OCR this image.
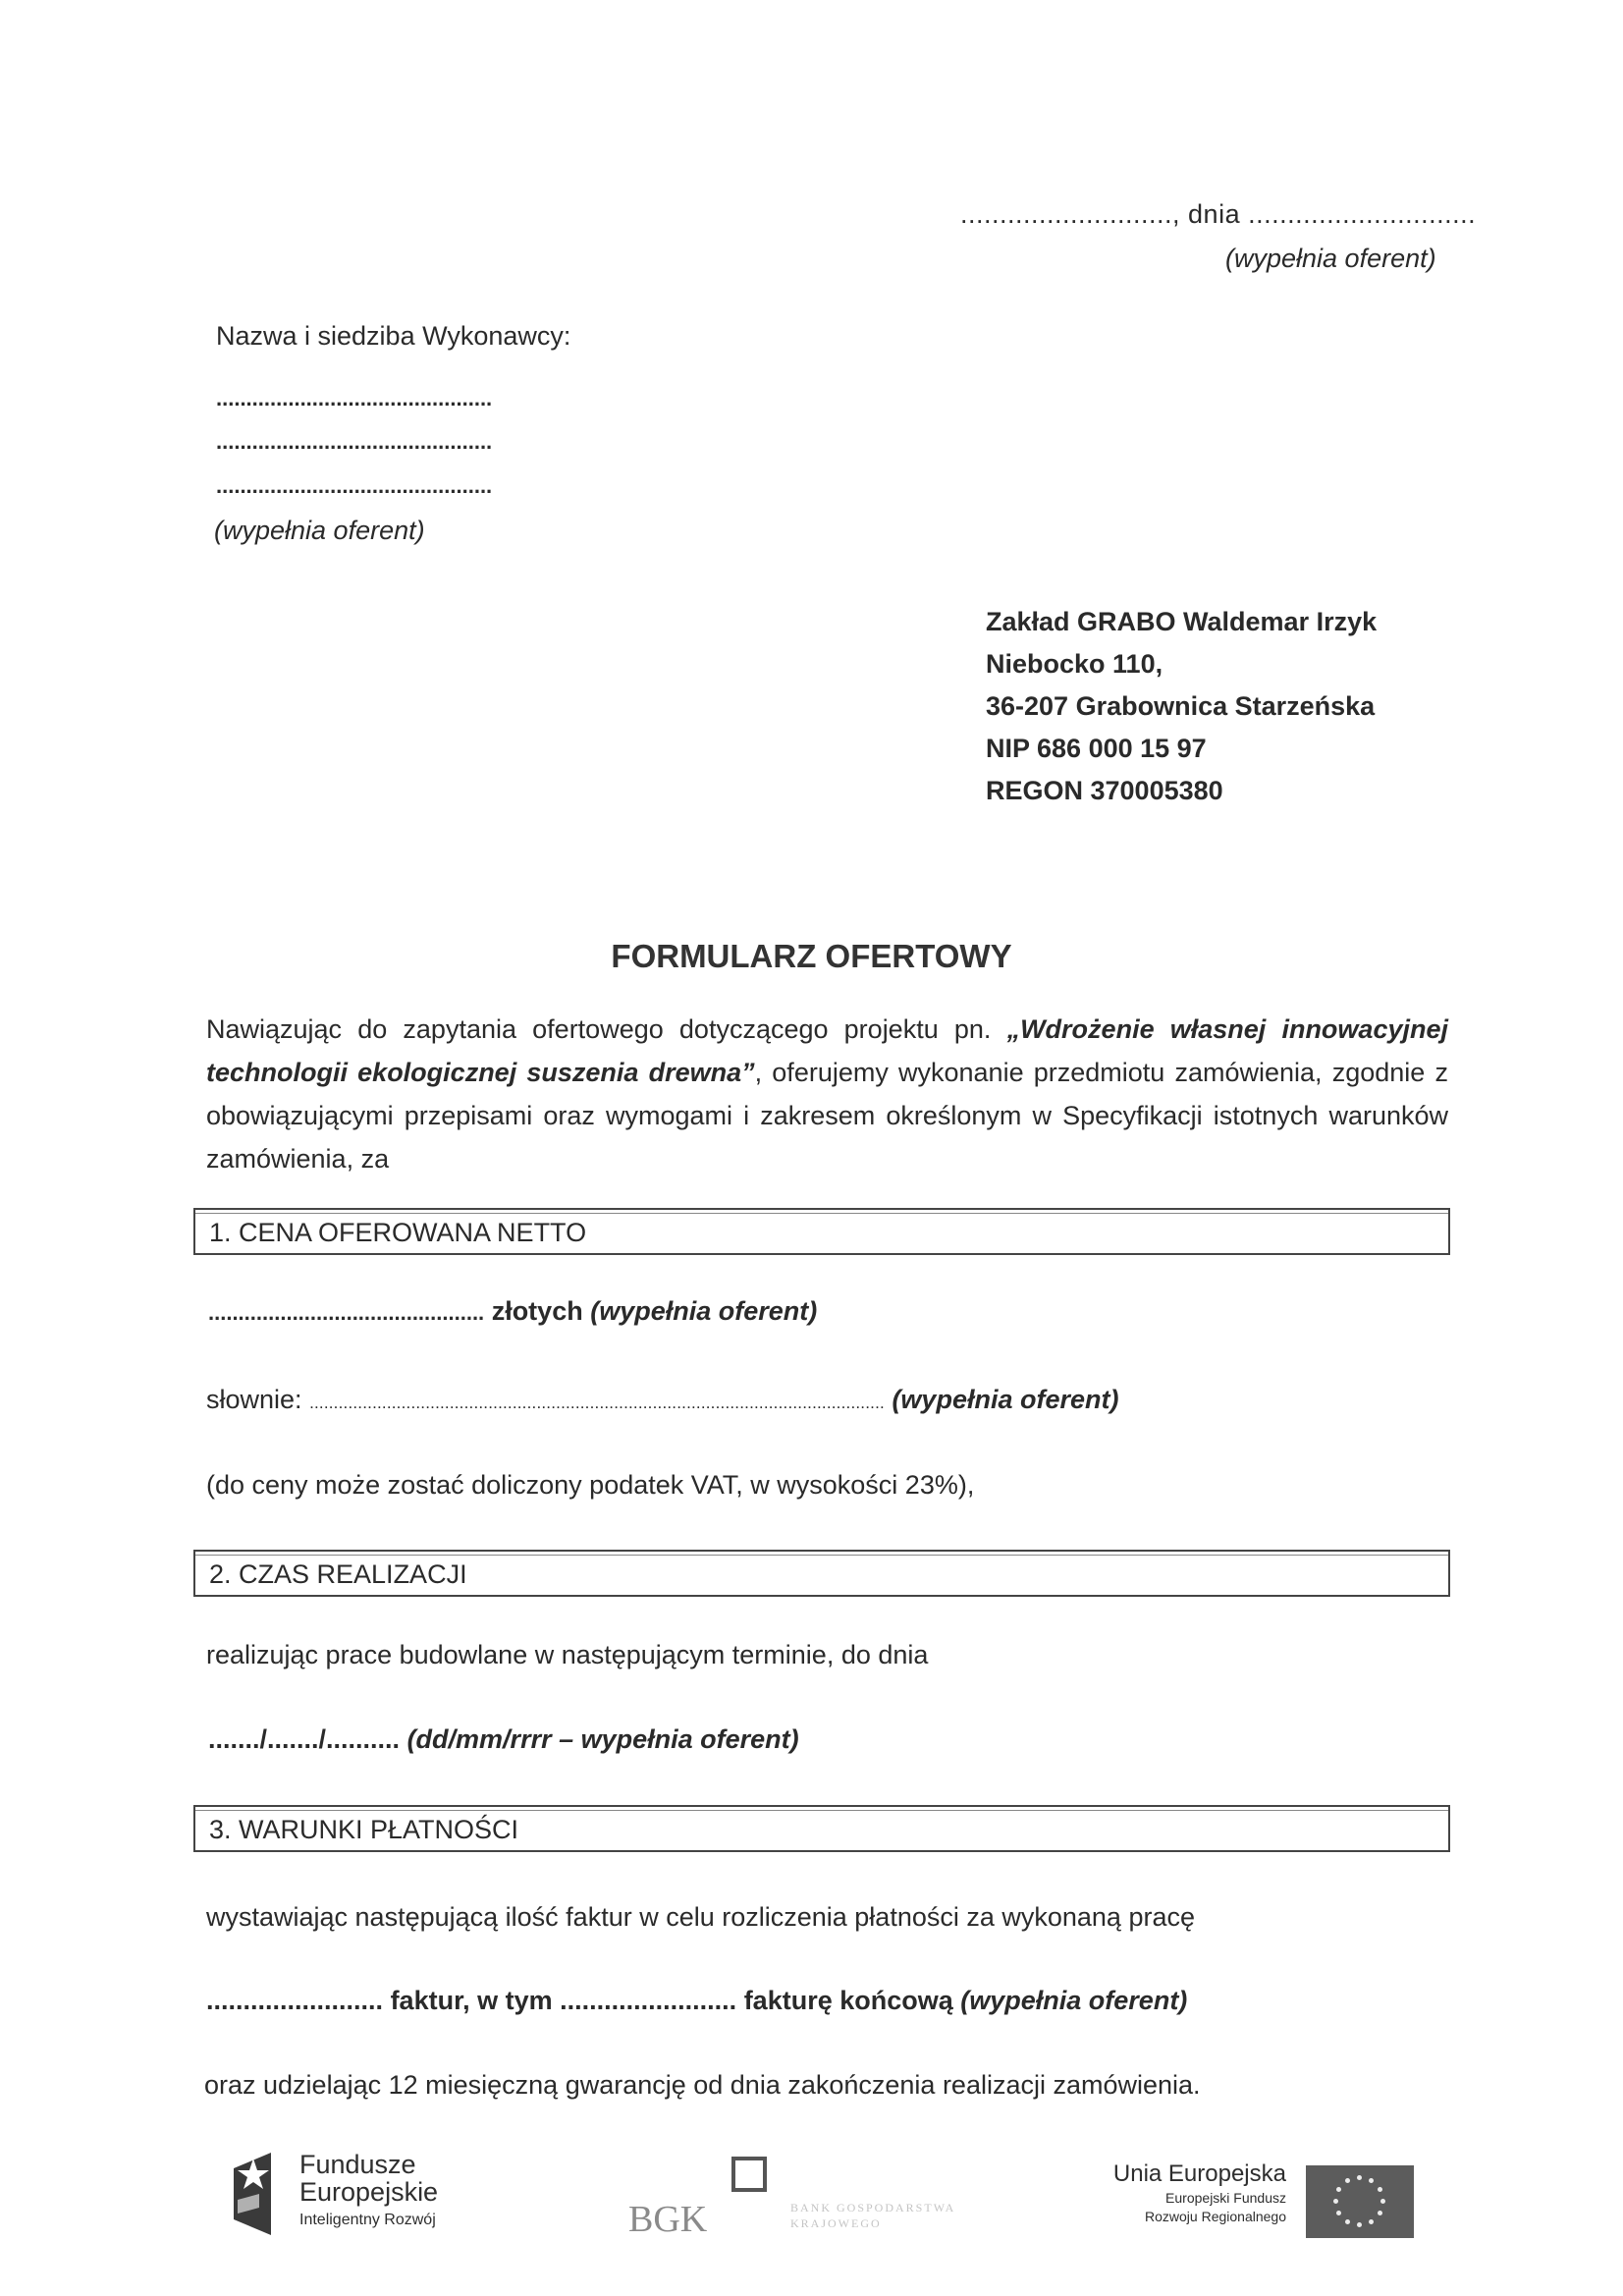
..........................., dnia .............................
(wypełnia oferent)
Nazwa i siedziba Wykonawcy:
..............................................
..............................................
..............................................
(wypełnia oferent)
Zakład GRABO Waldemar Irzyk
Niebocko 110,
36-207 Grabownica Starzeńska
NIP 686 000 15 97
REGON 370005380
FORMULARZ OFERTOWY
Nawiązując do zapytania ofertowego dotyczącego projektu pn. „Wdrożenie własnej innowacyjnej technologii ekologicznej suszenia drewna”, oferujemy wykonanie przedmiotu zamówienia, zgodnie z obowiązującymi przepisami oraz wymogami i zakresem określonym w Specyfikacji istotnych warunków zamówienia, za
1. CENA OFEROWANA NETTO
.............................................. złotych (wypełnia oferent)
słownie: ....................................................................................................................... (wypełnia oferent)
(do ceny może zostać doliczony podatek VAT, w wysokości 23%),
2. CZAS REALIZACJI
realizując prace budowlane w następującym terminie, do dnia
......./......./.......... (dd/mm/rrrr – wypełnia oferent)
3. WARUNKI PŁATNOŚCI
wystawiając następującą ilość faktur w celu rozliczenia płatności za wykonaną pracę
........................ faktur, w tym ........................ fakturę końcową (wypełnia oferent)
oraz udzielając 12 miesięczną gwarancję od dnia zakończenia realizacji zamówienia.
Fundusze
Europejskie
Inteligentny Rozwój	BGK	BANK GOSPODARSTWA
KRAJOWEGO
Unia Europejska
Europejski Fundusz
Rozwoju Regionalnego
